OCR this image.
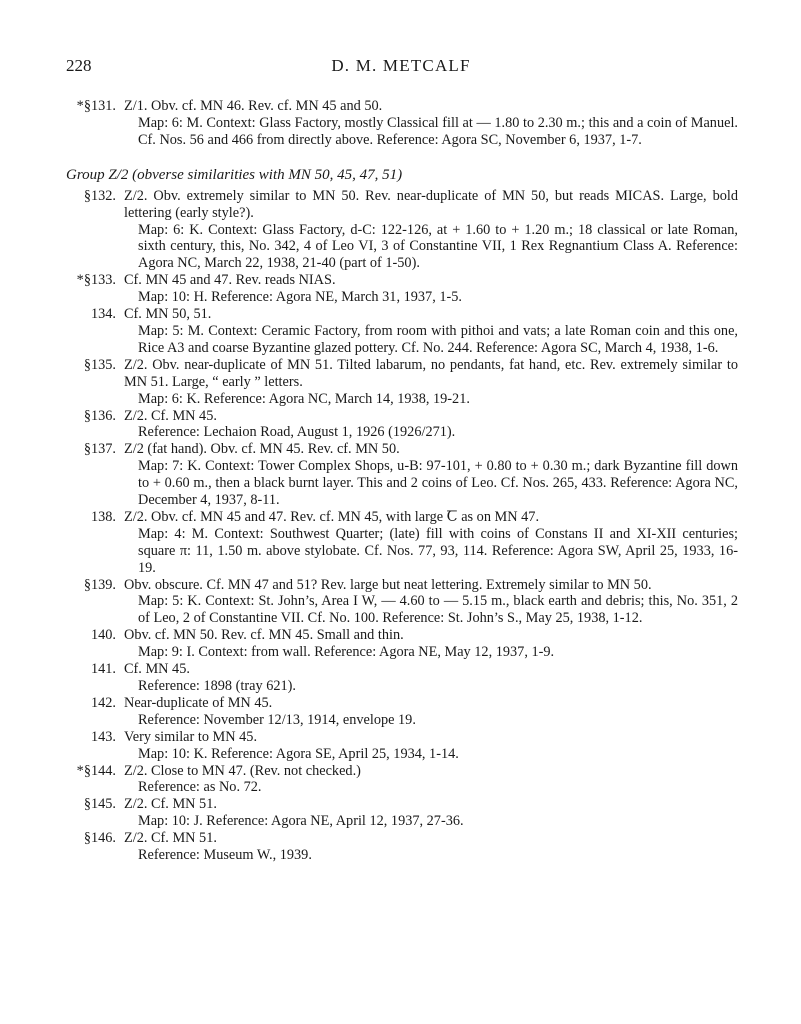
228	D. M. METCALF
*§131. Z/1. Obv. cf. MN 46. Rev. cf. MN 45 and 50.

Map: 6: M. Context: Glass Factory, mostly Classical fill at — 1.80 to 2.30 m.; this and a coin of Manuel. Cf. Nos. 56 and 466 from directly above. Reference: Agora SC, November 6, 1937, 1-7.

Group Z/2 (obverse similarities with MN 50, 45, 47, 51)
§132. Z/2. Obv. extremely similar to MN 50. Rev. near-duplicate of MN 50, but reads MICAS. Large, bold lettering (early style?).

Map: 6: K. Context: Glass Factory, d-C: 122-126, at + 1.60 to + 1.20 m.; 18 classical or late Roman, sixth century, this, No. 342, 4 of Leo VI, 3 of Constantine VII, 1 Rex Regnantium Class A. Reference: Agora NC, March 22, 1938, 21-40 (part of 1-50).

*§133. Cf. MN 45 and 47. Rev. reads NIAS.

Map: 10: H. Reference: Agora NE, March 31, 1937, 1-5.

134. Cf. MN 50, 51.

Map: 5: M. Context: Ceramic Factory, from room with pithoi and vats; a late Roman coin and this one, Rice A3 and coarse Byzantine glazed pottery. Cf. No. 244. Reference: Agora SC, March 4, 1938, 1-6.

§135. Z/2. Obv. near-duplicate of MN 51. Tilted labarum, no pendants, fat hand, etc. Rev. extremely similar to MN 51. Large, “ early ” letters.

Map: 6: K. Reference: Agora NC, March 14, 1938, 19-21.

§136. Z/2. Cf. MN 45.

Reference: Lechaion Road, August 1, 1926 (1926/271).

§137. Z/2 (fat hand). Obv. cf. MN 45. Rev. cf. MN 50.

Map: 7: K. Context: Tower Complex Shops, u-B: 97-101, + 0.80 to + 0.30 m.; dark Byzantine fill down to + 0.60 m., then a black burnt layer. This and 2 coins of Leo. Cf. Nos. 265, 433. Reference: Agora NC, December 4, 1937, 8-11.

138. Z/2. Obv. cf. MN 45 and 47. Rev. cf. MN 45, with large Ꞇ as on MN 47.

Map: 4: M. Context: Southwest Quarter; (late) fill with coins of Constans II and XI-XII centuries; square π: 11, 1.50 m. above stylobate. Cf. Nos. 77, 93, 114. Reference: Agora SW, April 25, 1933, 16-19.

§139. Obv. obscure. Cf. MN 47 and 51? Rev. large but neat lettering. Extremely similar to MN 50.

Map: 5: K. Context: St. John’s, Area I W, — 4.60 to — 5.15 m., black earth and debris; this, No. 351, 2 of Leo, 2 of Constantine VII. Cf. No. 100. Reference: St. John’s S., May 25, 1938, 1-12.

140. Obv. cf. MN 50. Rev. cf. MN 45. Small and thin.

Map: 9: I. Context: from wall. Reference: Agora NE, May 12, 1937, 1-9.

141. Cf. MN 45.

Reference: 1898 (tray 621).

142. Near-duplicate of MN 45.

Reference: November 12/13, 1914, envelope 19.

143. Very similar to MN 45.

Map: 10: K. Reference: Agora SE, April 25, 1934, 1-14.

*§144. Z/2. Close to MN 47. (Rev. not checked.)

Reference: as No. 72.

§145. Z/2. Cf. MN 51.

Map: 10: J. Reference: Agora NE, April 12, 1937, 27-36.

§146. Z/2. Cf. MN 51.

Reference: Museum W., 1939.
